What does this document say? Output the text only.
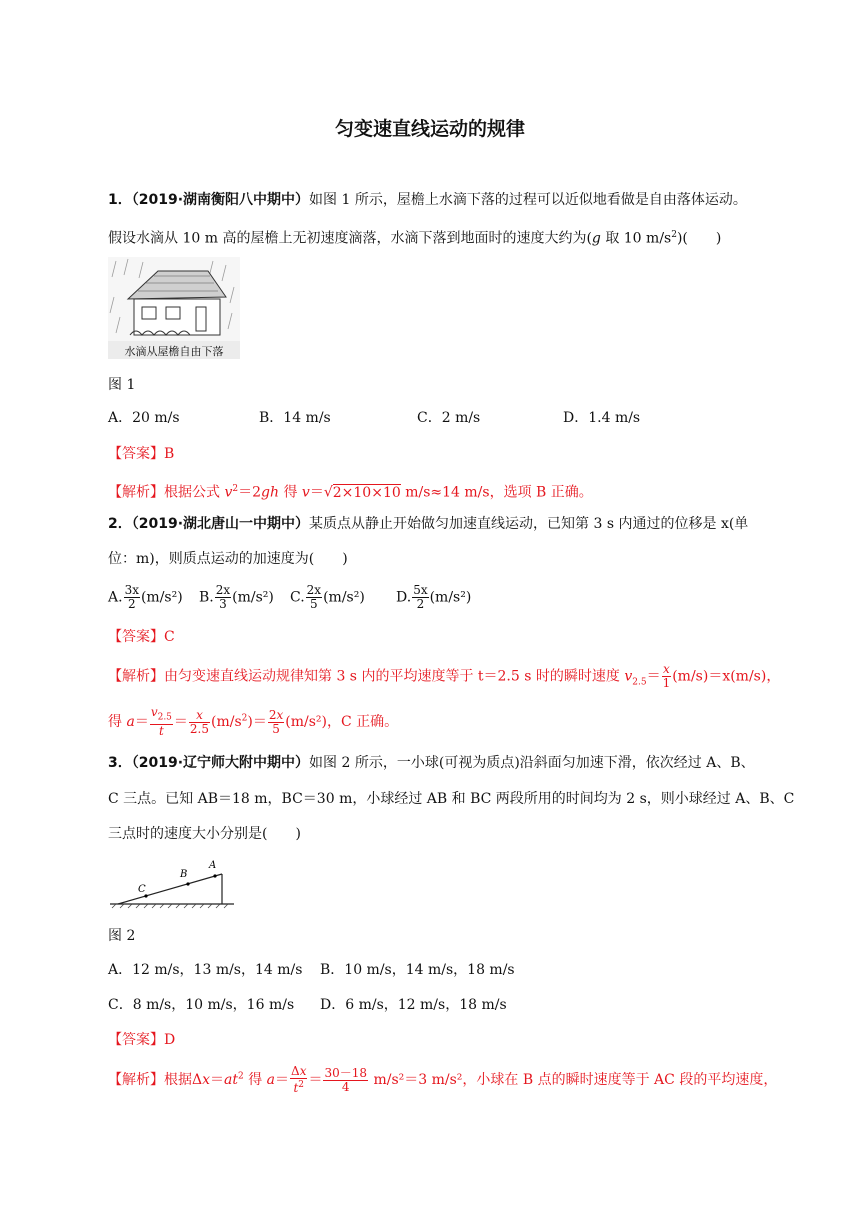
匀变速直线运动的规律
1．（2019·湖南衡阳八中期中）如图 1 所示，屋檐上水滴下落的过程可以近似地看做是自由落体运动。
假设水滴从 10 m 高的屋檐上无初速度滴落，水滴下落到地面时的速度大约为(g 取 10 $m/s^2$)(　　)
水滴从屋檐自由下落
图 1
A．20 m/s	B．14 m/s	C．2 m/s	D．1.4 m/s
【答案】B
【解析】根据公式 $v^2=2gh$ 得 v＝√2×10×10 m/s≈14 m/s，选项 B 正确。
2．（2019·湖北唐山一中期中）某质点从静止开始做匀加速直线运动，已知第 3 s 内通过的位移是 x(单
位：m)，则质点运动的加速度为(　　)
A. $\frac{3x}{2} (m/s^2)$ B. $\frac{2x}{3} (m/s^2)$ C. $\frac{2x}{5} (m/s^2)$ D. $\frac{5x}{2} (m/s^2)$
【答案】C
【解析】由匀变速直线运动规律知第 3 s 内的平均速度等于 t＝2.5 s 时的瞬时速度 $v_{2.5}= \frac{x}{1} (m/s)=x(m/s)$，
得 $a= \frac{v_{2.5}}{t} = \frac{x}{2.5} (m/s^2)= \frac{2x}{5} (m/s^2)$，C 正确。
3．（2019·辽宁师大附中期中）如图 2 所示，一小球(可视为质点)沿斜面匀加速下滑，依次经过 A、B、
C 三点。已知 AB＝18 m，BC＝30 m，小球经过 AB 和 BC 两段所用的时间均为 2 s，则小球经过 A、B、C
三点时的速度大小分别是(　　)
C
B
A
图 2
A．12 m/s，13 m/s，14 m/s B．10 m/s，14 m/s，18 m/s
C．8 m/s，10 m/s，16 m/s D．6 m/s，12 m/s，18 m/s
【答案】D
【解析】根据$\Delta x=at^2$ 得 $a= \frac{\Delta x}{t^2} = \frac{30-18}{4} m/s^2=3$ m/s²，小球在 B 点的瞬时速度等于 AC 段的平均速度，
